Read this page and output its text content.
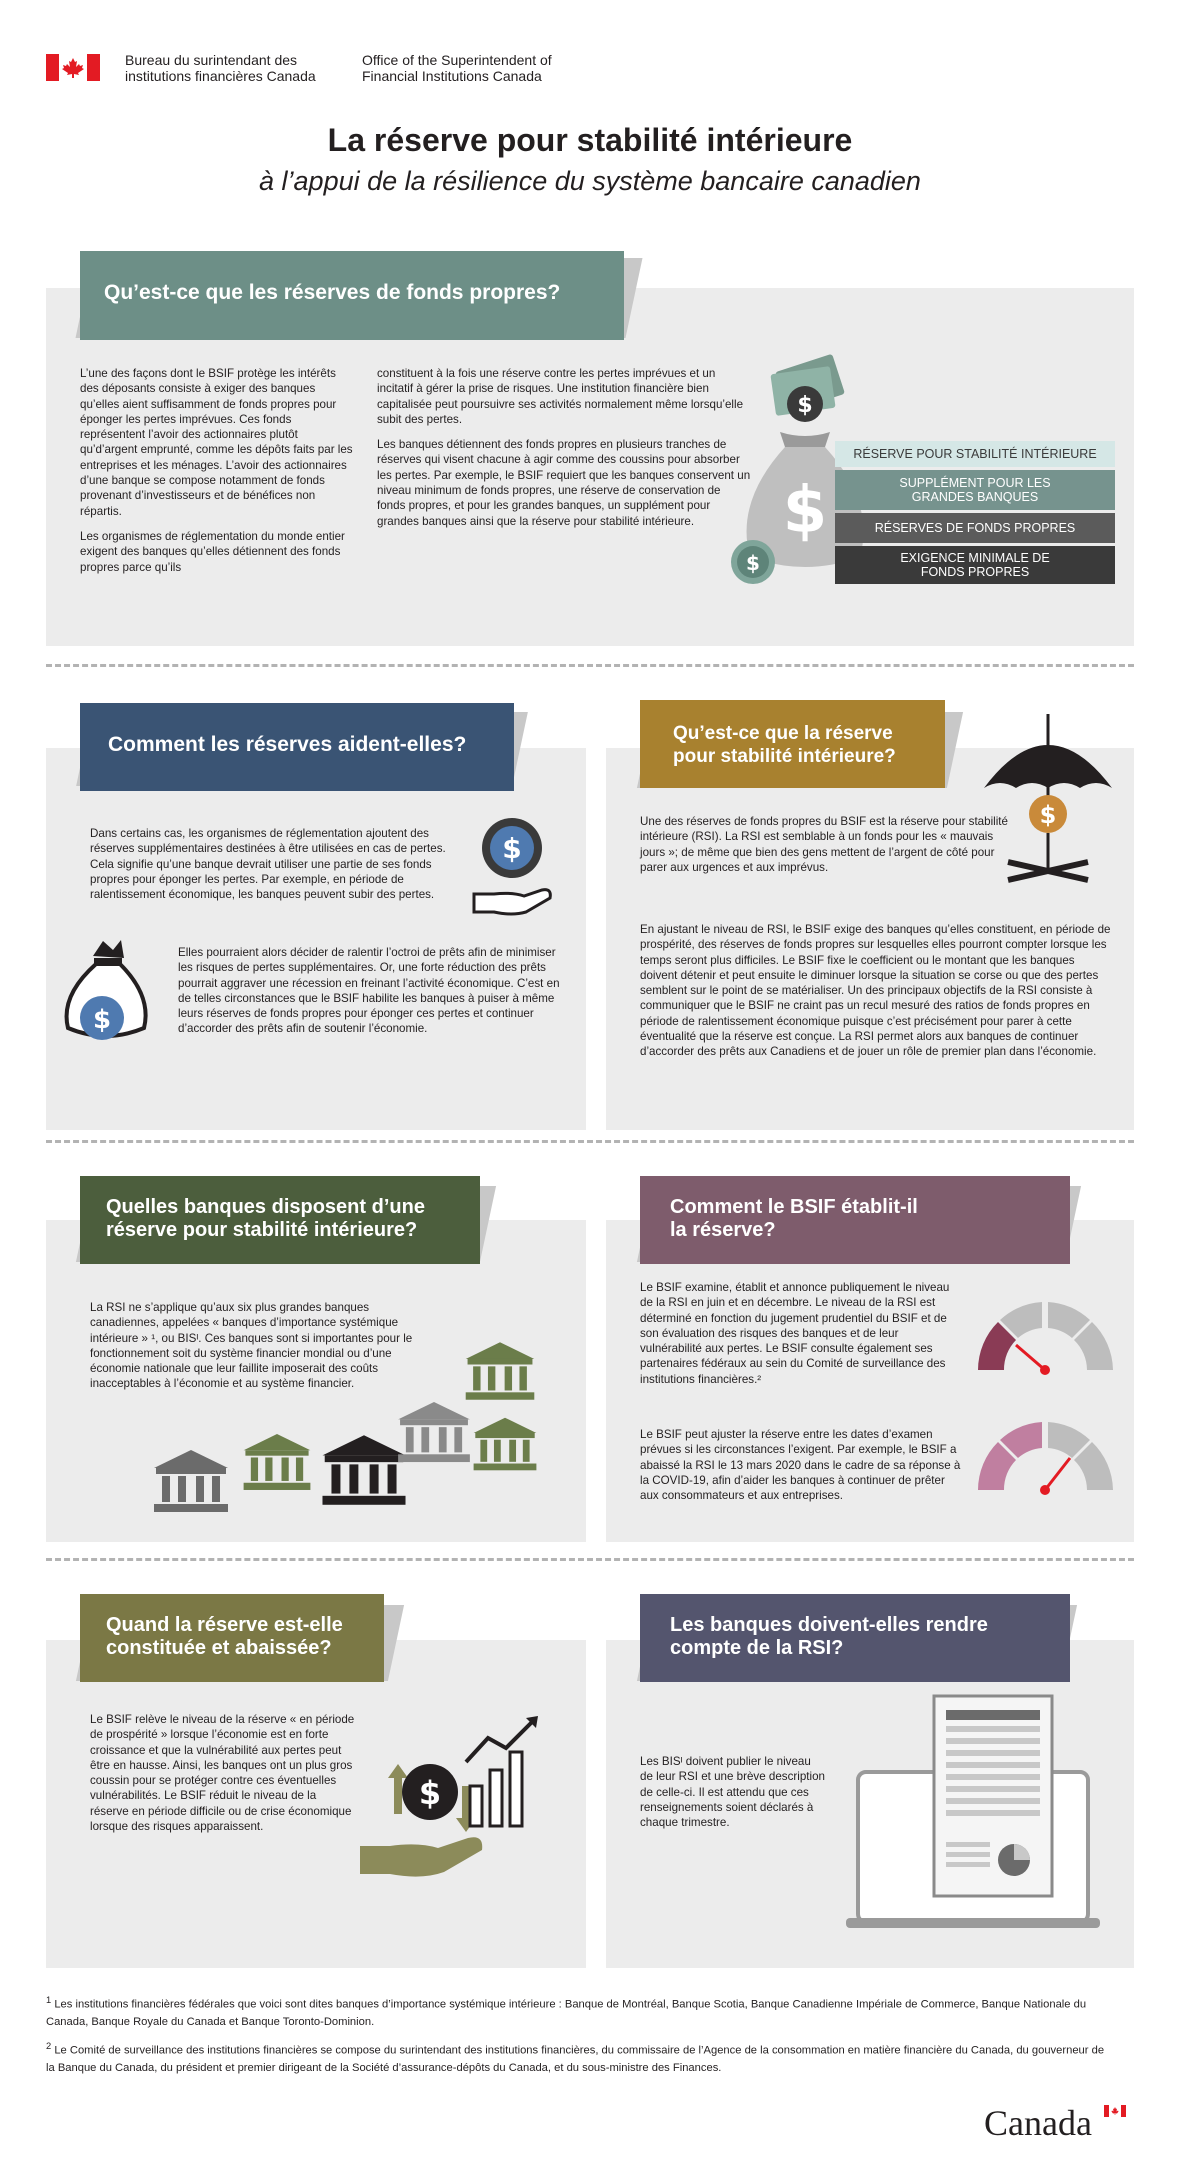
Bureau du surintendant des
institutions financières Canada
Office of the Superintendent of
Financial Institutions Canada
La réserve pour stabilité intérieure
à l’appui de la résilience du système bancaire canadien
Qu’est-ce que les réserves de fonds propres?

L’une des façons dont le BSIF protège les intérêts des déposants consiste à exiger des banques qu’elles aient suffisamment de fonds propres pour éponger les pertes imprévues. Ces fonds représentent l’avoir des actionnaires plutôt qu’d’argent emprunté, comme les dépôts faits par les entreprises et les ménages. L’avoir des actionnaires d’une banque se compose notamment de fonds provenant d’investisseurs et de bénéfices non répartis.

Les organismes de réglementation du monde entier exigent des banques qu’elles détiennent des fonds propres parce qu’ils

constituent à la fois une réserve contre les pertes imprévues et un incitatif à gérer la prise de risques. Une institution financière bien capitalisée peut poursuivre ses activités normalement même lorsqu’elle subit des pertes.

Les banques détiennent des fonds propres en plusieurs tranches de réserves qui visent chacune à agir comme des coussins pour absorber les pertes. Par exemple, le BSIF requiert que les banques conservent un niveau minimum de fonds propres, une réserve de conservation de fonds propres, et pour les grandes banques, un supplément pour grandes banques ainsi que la réserve pour stabilité intérieure.

$
$
$
RÉSERVE POUR STABILITÉ INTÉRIEURE
SUPPLÉMENT POUR LES GRANDES BANQUES
RÉSERVES DE FONDS PROPRES
EXIGENCE MINIMALE DE FONDS PROPRES
Comment les réserves aident-elles?
Dans certains cas, les organismes de réglementation ajoutent des réserves supplémentaires destinées à être utilisées en cas de pertes. Cela signifie qu’une banque devrait utiliser une partie de ses fonds propres pour éponger les pertes. Par exemple, en période de ralentissement économique, les banques peuvent subir des pertes.
$
$
Elles pourraient alors décider de ralentir l’octroi de prêts afin de minimiser les risques de pertes supplémentaires. Or, une forte réduction des prêts pourrait aggraver une récession en freinant l’activité économique. C’est en de telles circonstances que le BSIF habilite les banques à puiser à même leurs réserves de fonds propres pour éponger ces pertes et continuer d’accorder des prêts afin de soutenir l’économie.
Qu’est-ce que la réserve
pour stabilité intérieure?
$
Une des réserves de fonds propres du BSIF est la réserve pour stabilité intérieure (RSI). La RSI est semblable à un fonds pour les « mauvais jours »; de même que bien des gens mettent de l’argent de côté pour parer aux urgences et aux imprévus.
En ajustant le niveau de RSI, le BSIF exige des banques qu’elles constituent, en période de prospérité, des réserves de fonds propres sur lesquelles elles pourront compter lorsque les temps seront plus difficiles. Le BSIF fixe le coefficient ou le montant que les banques doivent détenir et peut ensuite le diminuer lorsque la situation se corse ou que des pertes semblent sur le point de se matérialiser. Un des principaux objectifs de la RSI consiste à communiquer que le BSIF ne craint pas un recul mesuré des ratios de fonds propres en période de ralentissement économique puisque c’est précisément pour parer à cette éventualité que la réserve est conçue. La RSI permet alors aux banques de continuer d’accorder des prêts aux Canadiens et de jouer un rôle de premier plan dans l’économie.
Quelles banques disposent d’une
réserve pour stabilité intérieure?
La RSI ne s’applique qu’aux six plus grandes banques canadiennes, appelées « banques d’importance systémique intérieure » ¹, ou BISᴵ. Ces banques sont si importantes pour le fonctionnement soit du système financier mondial ou d’une économie nationale que leur faillite imposerait des coûts inacceptables à l’économie et au système financier.
Comment le BSIF établit-il
la réserve?
Le BSIF examine, établit et annonce publiquement le niveau de la RSI en juin et en décembre. Le niveau de la RSI est déterminé en fonction du jugement prudentiel du BSIF et de son évaluation des risques des banques et de leur vulnérabilité aux pertes. Le BSIF consulte également ses partenaires fédéraux au sein du Comité de surveillance des institutions financières.²
Le BSIF peut ajuster la réserve entre les dates d’examen prévues si les circonstances l’exigent. Par exemple, le BSIF a abaissé la RSI le 13 mars 2020 dans le cadre de sa réponse à la COVID-19, afin d’aider les banques à continuer de prêter aux consommateurs et aux entreprises.
Quand la réserve est-elle
constituée et abaissée?
Le BSIF relève le niveau de la réserve « en période de prospérité » lorsque l’économie est en forte croissance et que la vulnérabilité aux pertes peut être en hausse. Ainsi, les banques ont un plus gros coussin pour se protéger contre ces éventuelles vulnérabilités. Le BSIF réduit le niveau de la réserve en période difficile ou de crise économique lorsque des risques apparaissent.
$
Les banques doivent-elles rendre
compte de la RSI?
Les BISᴵ doivent publier le niveau de leur RSI et une brève description de celle-ci. Il est attendu que ces renseignements soient déclarés à chaque trimestre.
$^1$ Les institutions financières fédérales que voici sont dites banques d’importance systémique intérieure : Banque de Montréal, Banque Scotia, Banque Canadienne Impériale de Commerce, Banque Nationale du Canada, Banque Royale du Canada et Banque Toronto-Dominion.
$^2$ Le Comité de surveillance des institutions financières se compose du surintendant des institutions financières, du commissaire de l’Agence de la consommation en matière financière du Canada, du gouverneur de la Banque du Canada, du président et premier dirigeant de la Société d’assurance-dépôts du Canada, et du sous-ministre des Finances.
Canada
